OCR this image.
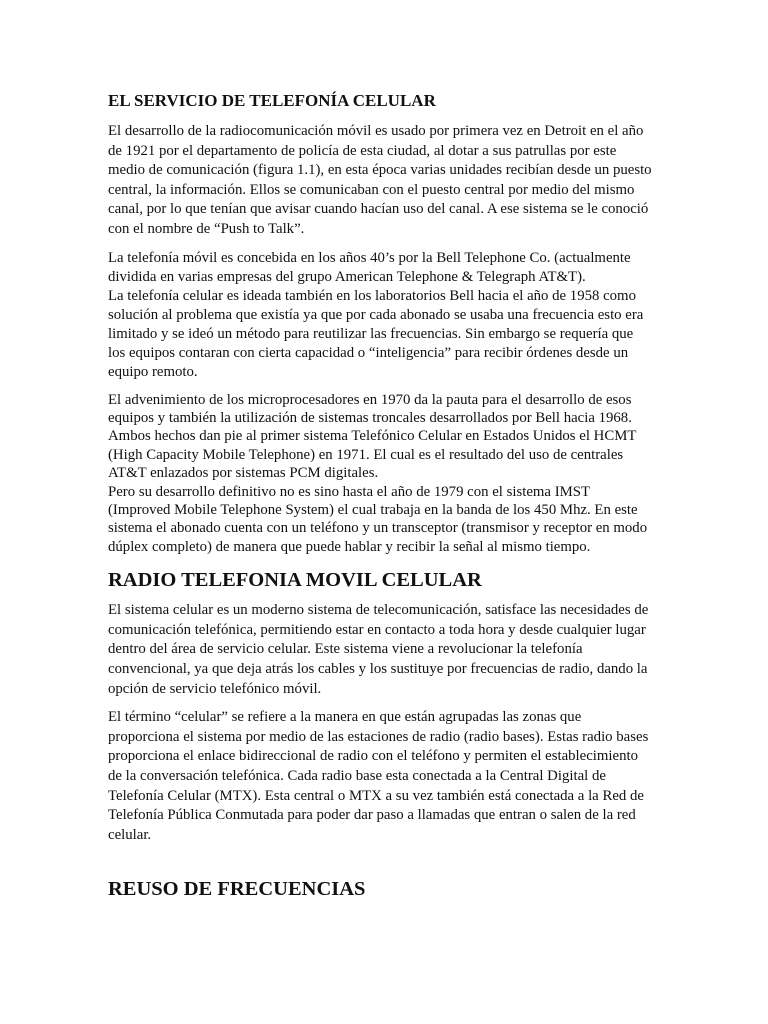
EL SERVICIO DE TELEFONÍA CELULAR

El desarrollo de la radiocomunicación móvil es usado por primera vez en Detroit en el año
de 1921 por el departamento de policía de esta ciudad, al dotar a sus patrullas por este
medio de comunicación (figura 1.1), en esta época varias unidades recibían desde un puesto
central, la información. Ellos se comunicaban con el puesto central por medio del mismo
canal, por lo que tenían que avisar cuando hacían uso del canal. A ese sistema se le conoció
con el nombre de “Push to Talk”.

La telefonía móvil es concebida en los años 40’s por la Bell Telephone Co. (actualmente
dividida en varias empresas del grupo American Telephone & Telegraph AT&T).
La telefonía celular es ideada también en los laboratorios Bell hacia el año de 1958 como
solución al problema que existía ya que por cada abonado se usaba una frecuencia esto era
limitado y se ideó un método para reutilizar las frecuencias. Sin embargo se requería que
los equipos contaran con cierta capacidad o “inteligencia” para recibir órdenes desde un
equipo remoto.

El advenimiento de los microprocesadores en 1970 da la pauta para el desarrollo de esos
equipos y también la utilización de sistemas troncales desarrollados por Bell hacia 1968.
Ambos hechos dan pie al primer sistema Telefónico Celular en Estados Unidos el HCMT
(High Capacity Mobile Telephone) en 1971. El cual es el resultado del uso de centrales
AT&T enlazados por sistemas PCM digitales.
Pero su desarrollo definitivo no es sino hasta el año de 1979 con el sistema IMST
(Improved Mobile Telephone System) el cual trabaja en la banda de los 450 Mhz. En este
sistema el abonado cuenta con un teléfono y un transceptor (transmisor y receptor en modo
dúplex completo) de manera que puede hablar y recibir la señal al mismo tiempo.

RADIO TELEFONIA MOVIL CELULAR

El sistema celular es un moderno sistema de telecomunicación, satisface las necesidades de
comunicación telefónica, permitiendo estar en contacto a toda hora y desde cualquier lugar
dentro del área de servicio celular. Este sistema viene a revolucionar la telefonía
convencional, ya que deja atrás los cables y los sustituye por frecuencias de radio, dando la
opción de servicio telefónico móvil.

El término “celular” se refiere a la manera en que están agrupadas las zonas que
proporciona el sistema por medio de las estaciones de radio (radio bases). Estas radio bases
proporciona el enlace bidireccional de radio con el teléfono y permiten el establecimiento
de la conversación telefónica. Cada radio base esta conectada a la Central Digital de
Telefonía Celular (MTX). Esta central o MTX a su vez también está conectada a la Red de
Telefonía Pública Conmutada para poder dar paso a llamadas que entran o salen de la red
celular.

REUSO DE FRECUENCIAS
